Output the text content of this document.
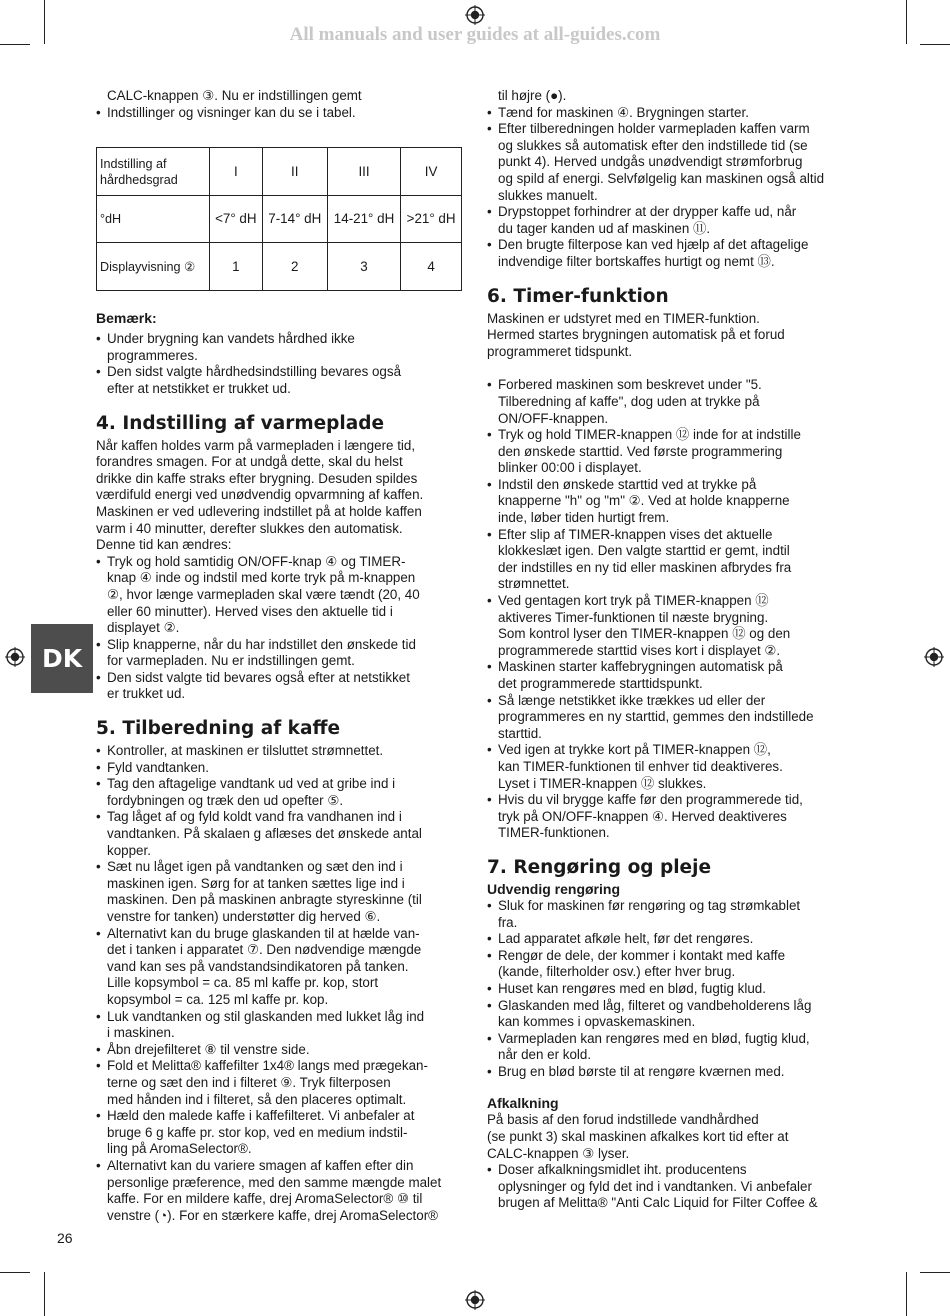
All manuals and user guides at all-guides.com
DK

CALC-knappen ③. Nu er indstillingen gemt

• Indstillinger og visninger kan du se i tabel.
Indstilling af hårdhedsgrad	I	II	III	IV
°dH	<7° dH	7-14° dH	14-21° dH	>21° dH
Displayvisning ②	1	2	3	4
Bemærk:
• Under brygning kan vandets hårdhed ikke
programmeres.
• Den sidst valgte hårdhedsindstilling bevares også
efter at netstikket er trukket ud.
4. Indstilling af varmeplade
Når kaffen holdes varm på varmepladen i længere tid,
forandres smagen. For at undgå dette, skal du helst
drikke din kaffe straks efter brygning. Desuden spildes
værdifuld energi ved unødvendig opvarmning af kaffen.
Maskinen er ved udlevering indstillet på at holde kaffen
varm i 40 minutter, derefter slukkes den automatisk.
Denne tid kan ændres:
• Tryk og hold samtidig ON/OFF-knap ④ og TIMER-
knap ④ inde og indstil med korte tryk på m-knappen
②, hvor længe varmepladen skal være tændt (20, 40
eller 60 minutter). Herved vises den aktuelle tid i
displayet ②.
• Slip knapperne, når du har indstillet den ønskede tid
for varmepladen. Nu er indstillingen gemt.
• Den sidst valgte tid bevares også efter at netstikket
er trukket ud.
5. Tilberedning af kaffe
• Kontroller, at maskinen er tilsluttet strømnettet.
• Fyld vandtanken.
• Tag den aftagelige vandtank ud ved at gribe ind i
fordybningen og træk den ud opefter ⑤.
• Tag låget af og fyld koldt vand fra vandhanen ind i
vandtanken. På skalaen g aflæses det ønskede antal
kopper.
• Sæt nu låget igen på vandtanken og sæt den ind i
maskinen igen. Sørg for at tanken sættes lige ind i
maskinen. Den på maskinen anbragte styreskinne (til
venstre for tanken) understøtter dig herved ⑥.
• Alternativt kan du bruge glaskanden til at hælde van-
det i tanken i apparatet ⑦. Den nødvendige mængde
vand kan ses på vandstandsindikatoren på tanken.
Lille kopsymbol = ca. 85 ml kaffe pr. kop, stort
kopsymbol = ca. 125 ml kaffe pr. kop.
• Luk vandtanken og stil glaskanden med lukket låg ind
i maskinen.
• Åbn drejefilteret ⑧ til venstre side.
• Fold et Melitta® kaffefilter 1x4® langs med prægekan-
terne og sæt den ind i filteret ⑨. Tryk filterposen
med hånden ind i filteret, så den placeres optimalt.
• Hæld den malede kaffe i kaffefilteret. Vi anbefaler at
bruge 6 g kaffe pr. stor kop, ved en medium indstil-
ling på AromaSelector®.
• Alternativt kan du variere smagen af kaffen efter din
personlige præference, med den samme mængde malet
kaffe. For en mildere kaffe, drej AromaSelector® ⑩ til
venstre (◔). For en stærkere kaffe, drej AromaSelector®

til højre (●).

• Tænd for maskinen ④. Brygningen starter.
• Efter tilberedningen holder varmepladen kaffen varm
og slukkes så automatisk efter den indstillede tid (se
punkt 4). Herved undgås unødvendigt strømforbrug
og spild af energi. Selvfølgelig kan maskinen også altid
slukkes manuelt.
• Drypstoppet forhindrer at der drypper kaffe ud, når
du tager kanden ud af maskinen ⑪.
• Den brugte filterpose kan ved hjælp af det aftagelige
indvendige filter bortskaffes hurtigt og nemt ⑬.
6. Timer-funktion
Maskinen er udstyret med en TIMER-funktion.
Hermed startes brygningen automatisk på et forud
programmeret tidspunkt.
• Forbered maskinen som beskrevet under "5.
Tilberedning af kaffe", dog uden at trykke på
ON/OFF-knappen.
• Tryk og hold TIMER-knappen ⑫ inde for at indstille
den ønskede starttid. Ved første programmering
blinker 00:00 i displayet.
• Indstil den ønskede starttid ved at trykke på
knapperne "h" og "m" ②. Ved at holde knapperne
inde, løber tiden hurtigt frem.
• Efter slip af TIMER-knappen vises det aktuelle
klokkeslæt igen. Den valgte starttid er gemt, indtil
der indstilles en ny tid eller maskinen afbrydes fra
strømnettet.
• Ved gentagen kort tryk på TIMER-knappen ⑫
aktiveres Timer-funktionen til næste brygning.
Som kontrol lyser den TIMER-knappen ⑫ og den
programmerede starttid vises kort i displayet ②.
• Maskinen starter kaffebrygningen automatisk på
det programmerede starttidspunkt.
• Så længe netstikket ikke trækkes ud eller der
programmeres en ny starttid, gemmes den indstillede
starttid.
• Ved igen at trykke kort på TIMER-knappen ⑫,
kan TIMER-funktionen til enhver tid deaktiveres.
Lyset i TIMER-knappen ⑫ slukkes.
• Hvis du vil brygge kaffe før den programmerede tid,
tryk på ON/OFF-knappen ④. Herved deaktiveres
TIMER-funktionen.
7. Rengøring og pleje
Udvendig rengøring
• Sluk for maskinen før rengøring og tag strømkablet
fra.
• Lad apparatet afkøle helt, før det rengøres.
• Rengør de dele, der kommer i kontakt med kaffe
(kande, filterholder osv.) efter hver brug.
• Huset kan rengøres med en blød, fugtig klud.
• Glaskanden med låg, filteret og vandbeholderens låg
kan kommes i opvaskemaskinen.
• Varmepladen kan rengøres med en blød, fugtig klud,
når den er kold.
• Brug en blød børste til at rengøre kværnen med.
Afkalkning
På basis af den forud indstillede vandhårdhed
(se punkt 3) skal maskinen afkalkes kort tid efter at
CALC-knappen ③ lyser.
• Doser afkalkningsmidlet iht. producentens
oplysninger og fyld det ind i vandtanken. Vi anbefaler
brugen af Melitta® "Anti Calc Liquid for Filter Coffee &
26
